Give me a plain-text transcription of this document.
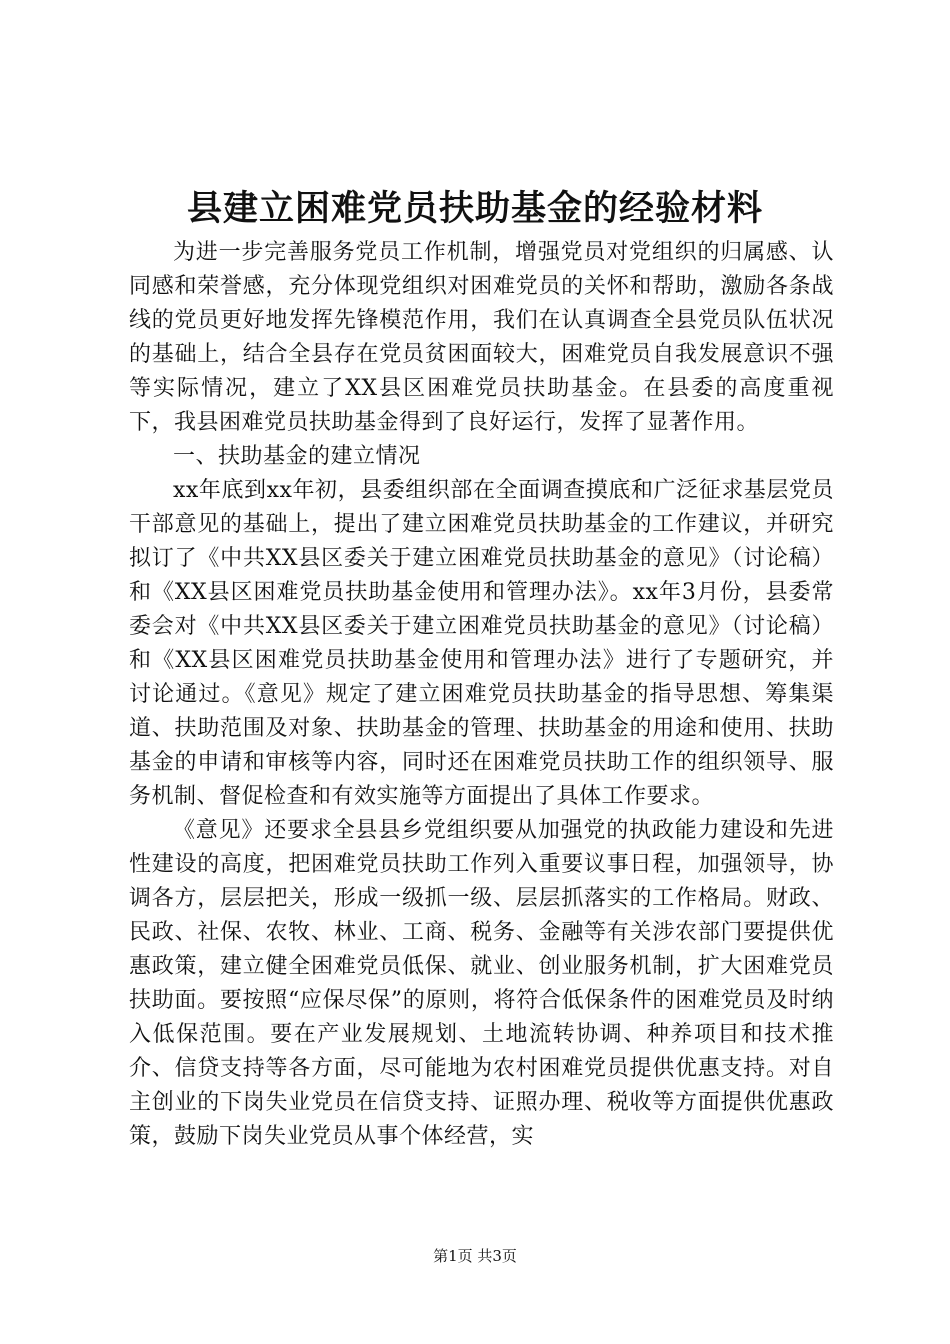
县建立困难党员扶助基金的经验材料

为进一步完善服务党员工作机制，增强党员对党组织的归属感、认同感和荣誉感，充分体现党组织对困难党员的关怀和帮助，激励各条战线的党员更好地发挥先锋模范作用，我们在认真调查全县党员队伍状况的基础上，结合全县存在党员贫困面较大，困难党员自我发展意识不强等实际情况，建立了XX县区困难党员扶助基金。在县委的高度重视下，我县困难党员扶助基金得到了良好运行，发挥了显著作用。

一、扶助基金的建立情况

xx年底到xx年初，县委组织部在全面调查摸底和广泛征求基层党员干部意见的基础上，提出了建立困难党员扶助基金的工作建议，并研究拟订了《中共XX县区委关于建立困难党员扶助基金的意见》（讨论稿）和《XX县区困难党员扶助基金使用和管理办法》。xx年3月份，县委常委会对《中共XX县区委关于建立困难党员扶助基金的意见》（讨论稿）和《XX县区困难党员扶助基金使用和管理办法》进行了专题研究，并讨论通过。《意见》规定了建立困难党员扶助基金的指导思想、筹集渠道、扶助范围及对象、扶助基金的管理、扶助基金的用途和使用、扶助基金的申请和审核等内容，同时还在困难党员扶助工作的组织领导、服务机制、督促检查和有效实施等方面提出了具体工作要求。

《意见》还要求全县县乡党组织要从加强党的执政能力建设和先进性建设的高度，把困难党员扶助工作列入重要议事日程，加强领导，协调各方，层层把关，形成一级抓一级、层层抓落实的工作格局。财政、民政、社保、农牧、林业、工商、税务、金融等有关涉农部门要提供优惠政策，建立健全困难党员低保、就业、创业服务机制，扩大困难党员扶助面。要按照“应保尽保”的原则，将符合低保条件的困难党员及时纳入低保范围。要在产业发展规划、土地流转协调、种养项目和技术推介、信贷支持等各方面，尽可能地为农村困难党员提供优惠支持。对自主创业的下岗失业党员在信贷支持、证照办理、税收等方面提供优惠政策，鼓励下岗失业党员从事个体经营，实

第1页 共3页
